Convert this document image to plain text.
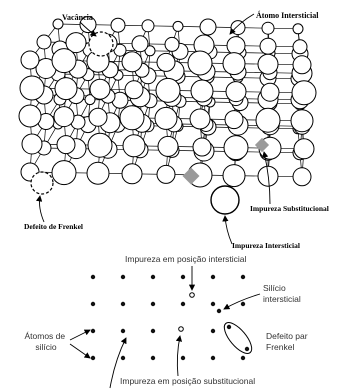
Vacância	Átomo Intersticial
Defeito de Frenkel
Impureza Substitucional
Impureza Intersticial
Impureza em posição intersticial
Silício intersticial
Átomos de silício
Defeito par Frenkel
Impureza em posição substitucional
